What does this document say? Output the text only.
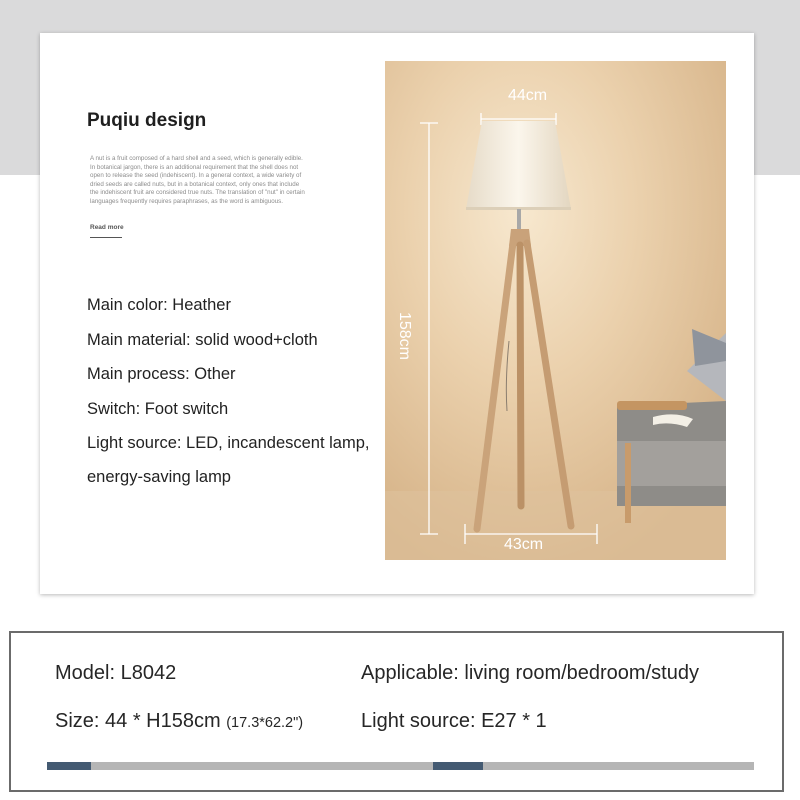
Puqiu design
A nut is a fruit composed of a hard shell and a seed, which is generally edible. In botanical jargon, there is an additional requirement that the shell does not open to release the seed (indehiscent). In a general context, a wide variety of dried seeds are called nuts, but in a botanical context, only ones that include the indehiscent fruit are considered true nuts. The translation of "nut" in certain languages frequently requires paraphrases, as the word is ambiguous.
Read more
Main color: Heather
Main material: solid wood+cloth
Main process: Other
Switch: Foot switch
Light source: LED, incandescent lamp,
energy-saving lamp
44cm
158cm
43cm
Model: L8042
Size: 44 * H158cm (17.3*62.2")
Applicable: living room/bedroom/study
Light source: E27 * 1
